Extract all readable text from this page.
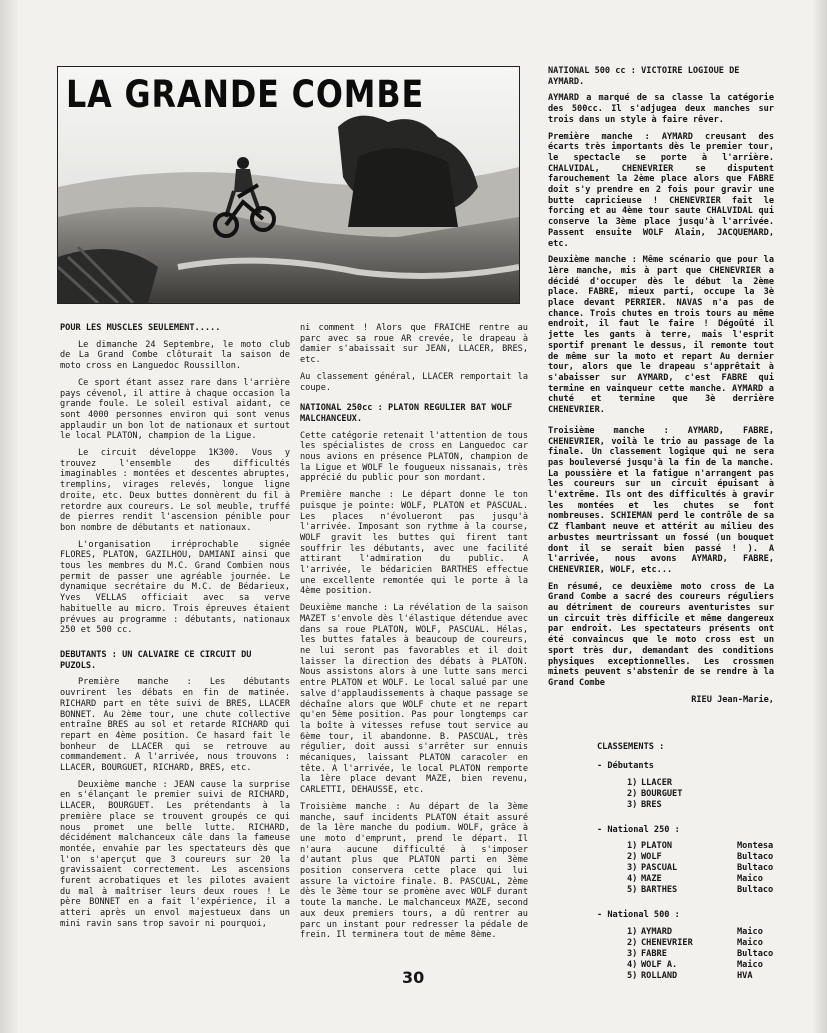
LA GRANDE COMBE
POUR LES MUSCLES SEULEMENT.....

Le dimanche 24 Septembre, le moto club de La Grand Combe clôturait la saison de moto cross en Languedoc Roussillon.

Ce sport étant assez rare dans l'arrière pays cévenol, il attire à chaque occasion la grande foule. Le soleil estival aidant, ce sont 4000 personnes environ qui sont venus applaudir un bon lot de nationaux et surtout le local PLATON, champion de la Ligue.

Le circuit développe 1K300. Vous y trouvez l'ensemble des difficultés imaginables : montées et descentes abruptes, tremplins, virages relevés, longue ligne droite, etc. Deux buttes donnèrent du fil à retordre aux coureurs. Le sol meuble, truffé de pierres rendit l'ascension pénible pour bon nombre de débutants et nationaux.

L'organisation irréprochable signée FLORES, PLATON, GAZILHOU, DAMIANI ainsi que tous les membres du M.C. Grand Combien nous permit de passer une agréable journée. Le dynamique secrétaire du M.C. de Bédarieux, Yves VELLAS officiait avec sa verve habituelle au micro. Trois épreuves étaient prévues au programme : débutants, nationaux 250 et 500 cc.

DEBUTANTS : UN CALVAIRE CE CIRCUIT DU PUZOLS.

Première manche : Les débutants ouvrirent les débats en fin de matinée. RICHARD part en tête suivi de BRES, LLACER BONNET. Au 2ème tour, une chute collective entraîne BRES au sol et retarde RICHARD qui repart en 4ème position. Ce hasard fait le bonheur de LLACER qui se retrouve au commandement. A l'arrivée, nous trouvons : LLACER, BOURGUET, RICHARD, BRES, etc.

Deuxième manche : JEAN cause la surprise en s'élançant le premier suivi de RICHARD, LLACER, BOURGUET. Les prétendants à la première place se trouvent groupés ce qui nous promet une belle lutte. RICHARD, décidément malchanceux câle dans la fameuse montée, envahie par les spectateurs dès que l'on s'aperçut que 3 coureurs sur 20 la gravissaient correctement. Les ascensions furent acrobatiques et les pilotes avaient du mal à maîtriser leurs deux roues ! Le père BONNET en a fait l'expérience, il a atteri après un envol majestueux dans un mini ravin sans trop savoir ni pourquoi,

ni comment ! Alors que FRAICHE rentre au parc avec sa roue AR crevée, le drapeau à damier s'abaissait sur JEAN, LLACER, BRES, etc.

Au classement général, LLACER remportait la coupe.

NATIONAL 250cc : PLATON REGULIER BAT WOLF MALCHANCEUX.

Cette catégorie retenait l'attention de tous les spécialistes de cross en Languedoc car nous avions en présence PLATON, champion de la Ligue et WOLF le fougueux nissanais, très apprécié du public pour son mordant.

Première manche : Le départ donne le ton puisque je pointe: WOLF, PLATON et PASCUAL. Les places n'évolueront pas jusqu'à l'arrivée. Imposant son rythme à la course, WOLF gravit les buttes qui firent tant souffrir les débutants, avec une facilité attirant l'admiration du public. A l'arrivée, le bédaricien BARTHES effectue une excellente remontée qui le porte à la 4ème position.

Deuxième manche : La révélation de la saison MAZET s'envole dès l'élastique détendue avec dans sa roue PLATON, WOLF, PASCUAL. Hélas, les buttes fatales à beaucoup de coureurs, ne lui seront pas favorables et il doit laisser la direction des débats à PLATON. Nous assistons alors à une lutte sans merci entre PLATON et WOLF. Le local salué par une salve d'applaudissements à chaque passage se déchaîne alors que WOLF chute et ne repart qu'en 5ème position. Pas pour longtemps car la boîte à vitesses refuse tout service au 6ème tour, il abandonne. B. PASCUAL, très régulier, doit aussi s'arrêter sur ennuis mécaniques, laissant PLATON caracoler en tête. A l'arrivée, le local PLATON remporte la 1ère place devant MAZE, bien revenu, CARLETTI, DEHAUSSE, etc.

Troisième manche : Au départ de la 3ème manche, sauf incidents PLATON était assuré de la 1ère manche du podium. WOLF, grâce à une moto d'emprunt, prend le départ. Il n'aura aucune difficulté à s'imposer d'autant plus que PLATON parti en 3ème position conservera cette place qui lui assure la victoire finale. B. PASCUAL, 2ème dès le 3ème tour se promène avec WOLF durant toute la manche. Le malchanceux MAZE, second aux deux premiers tours, a dû rentrer au parc un instant pour redresser la pédale de frein. Il terminera tout de même 8ème.

NATIONAL 500 cc : VICTOIRE LOGIOUE DE AYMARD.

AYMARD a marqué de sa classe la catégorie des 500cc. Il s'adjugea deux manches sur trois dans un style à faire rêver.

Première manche : AYMARD creusant des écarts très importants dès le premier tour, le spectacle se porte à l'arrière. CHALVIDAL, CHENEVRIER se disputent farouchement la 2ème place alors que FABRE doit s'y prendre en 2 fois pour gravir une butte capricieuse ! CHENEVRIER fait le forcing et au 4ème tour saute CHALVIDAL qui conserve la 3ème place jusqu'à l'arrivée. Passent ensuite WOLF Alain, JACQUEMARD, etc.

Deuxième manche : Même scénario que pour la 1ère manche, mis à part que CHENEVRIER a décidé d'occuper dès le début la 2ème place. FABRE, mieux parti, occupe la 3è place devant PERRIER. NAVAS n'a pas de chance. Trois chutes en trois tours au même endroit, il faut le faire ! Dégoûté il jette les gants à terre, mais l'esprit sportif prenant le dessus, il remonte tout de même sur la moto et repart Au dernier tour, alors que le drapeau s'apprêtait à s'abaisser sur AYMARD, c'est FABRE qui termine en vainqueur cette manche. AYMARD a chuté et termine que 3è derrière CHENEVRIER.

Troisième manche : AYMARD, FABRE, CHENEVRIER, voilà le trio au passage de la finale. Un classement logique qui ne sera pas bouleversé jusqu'à la fin de la manche. La poussière et la fatigue n'arrangent pas les coureurs sur un circuit épuisant à l'extrême. Ils ont des difficultés à gravir les montées et les chutes se font nombreuses. SCHIEMAN perd le contrôle de sa CZ flambant neuve et attérit au milieu des arbustes meurtrissant un fossé (un bouquet dont il se serait bien passé ! ). A l'arrivée, nous avons AYMARD, FABRE, CHENEVRIER, WOLF, etc...

En résumé, ce deuxième moto cross de La Grand Combe a sacré des coureurs réguliers au détriment de coureurs aventuristes sur un circuit très difficile et même dangereux par endroit. Les spectateurs présents ont été convaincus que le moto cross est un sport très dur, demandant des conditions physiques exceptionnelles. Les crossmen minets peuvent s'abstenir de se rendre à la Grand Combe

RIEU Jean-Marie,
CLASSEMENTS :
- Débutants
1) LLACER
2) BOURGUET
3) BRES
- National 250 :
1) PLATON	Montesa
2) WOLF	Bultaco
3) PASCUAL	Bultaco
4) MAZE	Maico
5) BARTHES	Bultaco
- National 500 :
1) AYMARD	Maico
2) CHENEVRIER	Maico
3) FABRE	Bultaco
4) WOLF A.	Maico
5) ROLLAND	HVA
30
